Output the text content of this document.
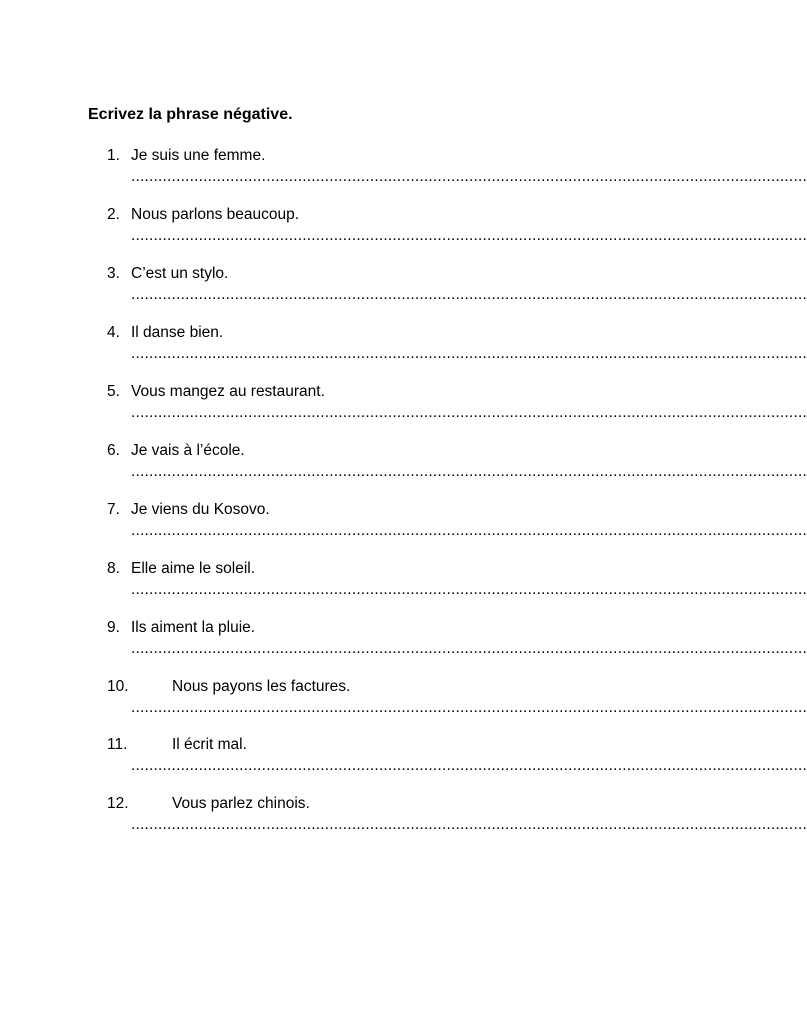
Ecrivez la phrase négative.
1. Je suis une femme.
......................................................................................................................................................
2. Nous parlons beaucoup.
......................................................................................................................................................
3. C’est un stylo.
......................................................................................................................................................
4. Il danse bien.
......................................................................................................................................................
5. Vous mangez au restaurant.
......................................................................................................................................................
6. Je vais à l’école.
......................................................................................................................................................
7. Je viens du Kosovo.
......................................................................................................................................................
8. Elle aime le soleil.
......................................................................................................................................................
9. Ils aiment la pluie.
......................................................................................................................................................
10.	Nous payons les factures.
......................................................................................................................................................
11.	Il écrit mal.
......................................................................................................................................................
12.	Vous parlez chinois.
......................................................................................................................................................
